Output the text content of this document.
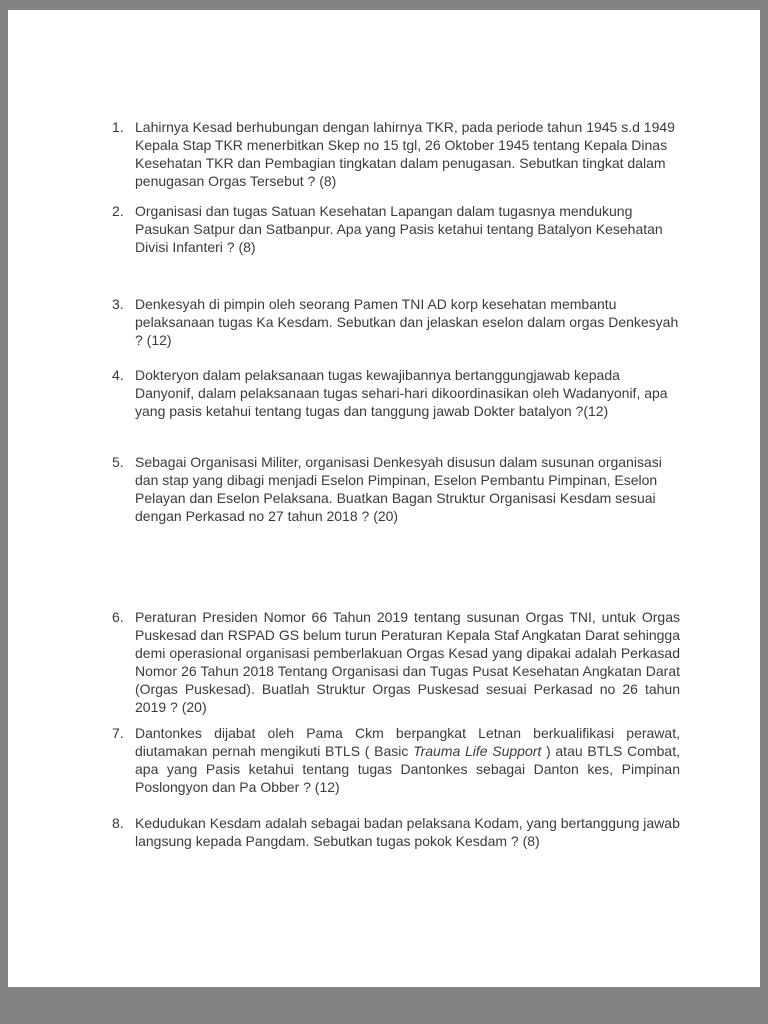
1. Lahirnya Kesad berhubungan dengan lahirnya TKR, pada periode tahun 1945 s.d 1949 Kepala Stap TKR menerbitkan Skep no 15 tgl, 26 Oktober 1945 tentang Kepala Dinas Kesehatan TKR dan Pembagian tingkatan dalam penugasan. Sebutkan tingkat dalam penugasan Orgas Tersebut ? (8)
2. Organisasi dan tugas Satuan Kesehatan Lapangan dalam tugasnya mendukung Pasukan Satpur dan Satbanpur. Apa yang Pasis ketahui tentang Batalyon Kesehatan Divisi Infanteri ? (8)
3. Denkesyah di pimpin oleh seorang Pamen TNI AD korp kesehatan membantu pelaksanaan tugas Ka Kesdam. Sebutkan dan jelaskan eselon dalam orgas Denkesyah ? (12)
4. Dokteryon dalam pelaksanaan tugas kewajibannya bertanggungjawab kepada Danyonif, dalam pelaksanaan tugas sehari-hari dikoordinasikan oleh Wadanyonif, apa yang pasis ketahui tentang tugas dan tanggung jawab Dokter batalyon ?(12)
5. Sebagai Organisasi Militer, organisasi Denkesyah disusun dalam susunan organisasi dan stap yang dibagi menjadi Eselon Pimpinan, Eselon Pembantu Pimpinan, Eselon Pelayan dan Eselon Pelaksana. Buatkan Bagan Struktur Organisasi Kesdam sesuai dengan Perkasad no 27 tahun 2018 ? (20)
6. Peraturan Presiden Nomor 66 Tahun 2019 tentang susunan Orgas TNI, untuk Orgas Puskesad dan RSPAD GS belum turun Peraturan Kepala Staf Angkatan Darat sehingga demi operasional organisasi pemberlakuan Orgas Kesad yang dipakai adalah Perkasad Nomor 26 Tahun 2018 Tentang Organisasi dan Tugas Pusat Kesehatan Angkatan Darat (Orgas Puskesad). Buatlah Struktur Orgas Puskesad sesuai Perkasad no 26 tahun 2019 ? (20)
7. Dantonkes dijabat oleh Pama Ckm berpangkat Letnan berkualifikasi perawat, diutamakan pernah mengikuti BTLS ( Basic Trauma Life Support ) atau BTLS Combat, apa yang Pasis ketahui tentang tugas Dantonkes sebagai Danton kes, Pimpinan Poslongyon dan Pa Obber ? (12)
8. Kedudukan Kesdam adalah sebagai badan pelaksana Kodam, yang bertanggung jawab langsung kepada Pangdam. Sebutkan tugas pokok Kesdam ? (8)
